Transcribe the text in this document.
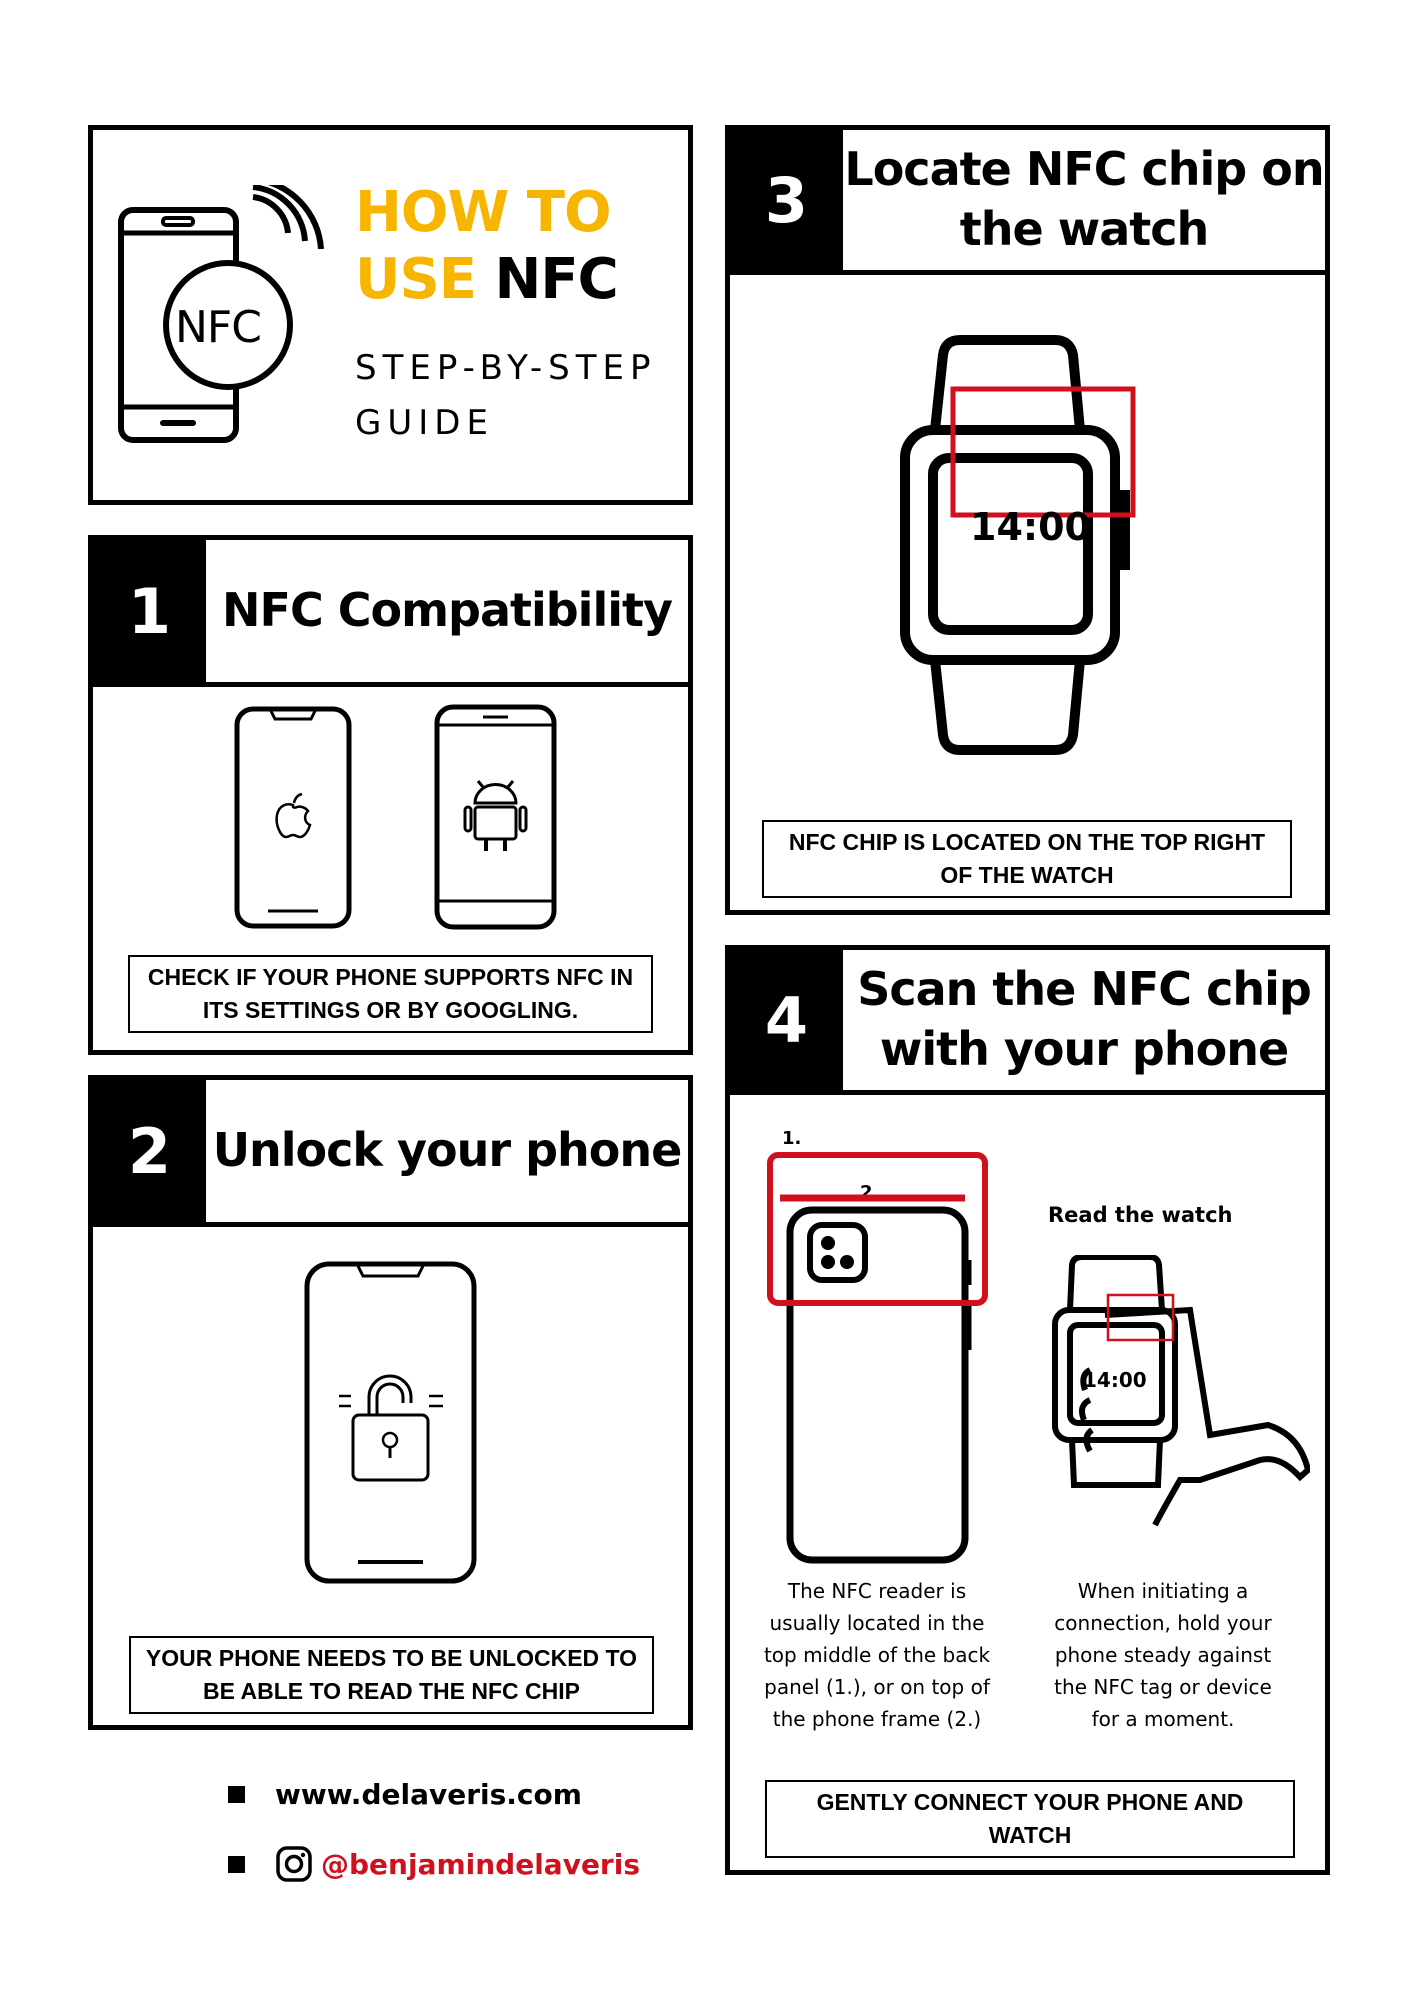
NFC
HOW TO
USE NFC
STEP-BY-STEP
GUIDE
1	NFC Compatibility
CHECK IF YOUR PHONE SUPPORTS NFC IN ITS SETTINGS OR BY GOOGLING.
2 Unlock your phone
YOUR PHONE NEEDS TO BE UNLOCKED TO BE ABLE TO READ THE NFC CHIP
3 Locate NFC chip on the watch
14:00
NFC CHIP IS LOCATED ON THE TOP RIGHT OF THE WATCH
4	Scan the NFC chip with your phone
1.
2.
Read the watch
14:00
The NFC reader is usually located in the top middle of the back panel (1.), or on top of the phone frame (2.)
When initiating a connection, hold your phone steady against the NFC tag or device for a moment.
GENTLY CONNECT YOUR PHONE AND WATCH
www.delaveris.com
@benjamindelaveris
